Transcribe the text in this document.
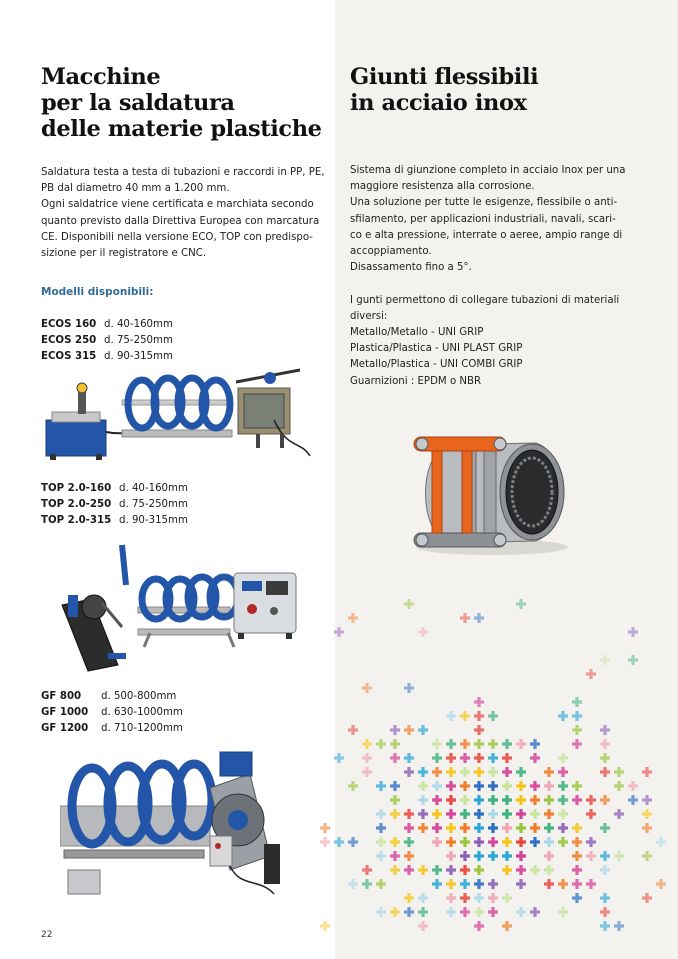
Macchine
per la saldatura
delle materie plastiche

Saldatura testa a testa di tubazioni e raccordi in PP, PE,
PB dal diametro 40 mm a 1.200 mm.
Ogni saldatrice viene certificata e marchiata secondo
quanto previsto dalla Direttiva Europea con marcatura
CE. Disponibili nella versione ECO, TOP con predispo-
sizione per il registratore e CNC.

Modelli disponibili:
ECOS 160 d. 40-160mm
ECOS 250 d. 75-250mm
ECOS 315 d. 90-315mm
TOP 2.0-160 d. 40-160mm
TOP 2.0-250 d. 75-250mm
TOP 2.0-315 d. 90-315mm
GF 800	d. 500-800mm
GF 1000	d. 630-1000mm
GF 1200	d. 710-1200mm
22
Giunti flessibili
in acciaio inox

Sistema di giunzione completo in acciaio Inox per una
maggiore resistenza alla corrosione.
Una soluzione per tutte le esigenze, flessibile o anti-
sfilamento, per applicazioni industriali, navali, scari-
co e alta pressione, interrate o aeree, ampio range di
accoppiamento.
Disassamento fino a 5°.
I gunti permettono di collegare tubazioni di materiali
diversi:
Metallo/Metallo - UNI GRIP
Plastica/Plastica - UNI PLAST GRIP
Metallo/Plastica - UNI COMBI GRIP
Guarnizioni : EPDM o NBR
